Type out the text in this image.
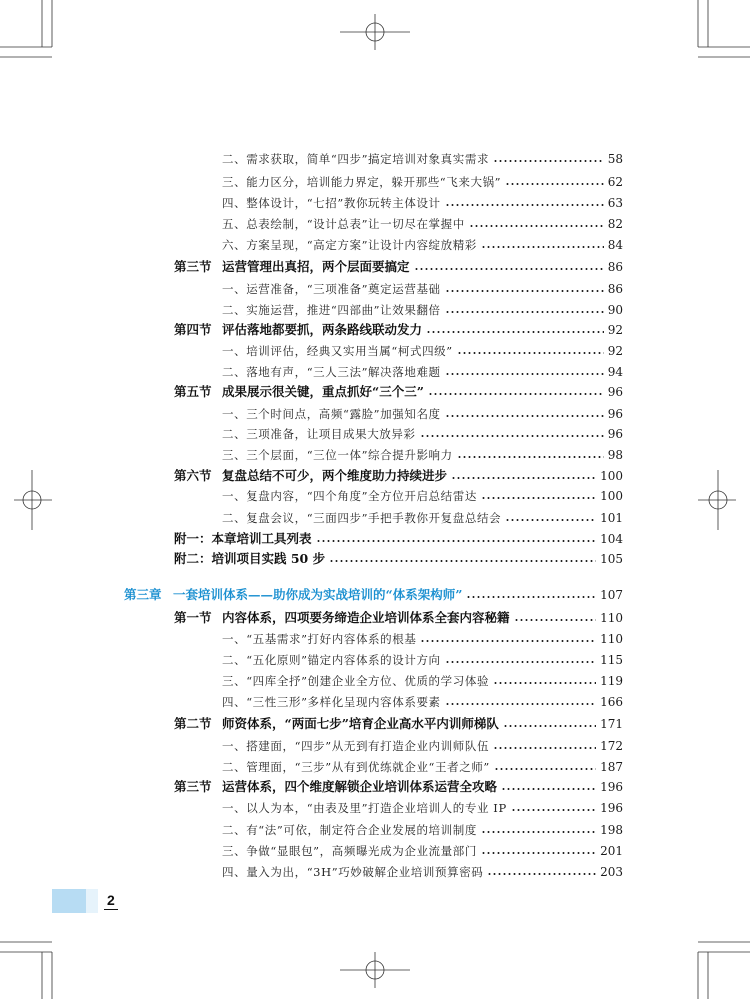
二、需求获取，简单“四步”搞定培训对象真实需求	58
三、能力区分，培训能力界定，躲开那些“飞来大锅”	62
四、整体设计，“七招”教你玩转主体设计	63
五、总表绘制，“设计总表”让一切尽在掌握中	82
六、方案呈现，“高定方案”让设计内容绽放精彩	84
第三节 运营管理出真招，两个层面要搞定	86
一、运营准备，“三项准备”奠定运营基础	86
二、实施运营，推进“四部曲”让效果翻倍	90
第四节 评估落地都要抓，两条路线联动发力	92
一、培训评估，经典又实用当属“柯式四级”	92
二、落地有声，“三人三法”解决落地难题	94
第五节 成果展示很关键，重点抓好“三个三”	96
一、三个时间点，高频“露脸”加强知名度	96
二、三项准备，让项目成果大放异彩	96
三、三个层面，“三位一体”综合提升影响力	98
第六节 复盘总结不可少，两个维度助力持续进步	100
一、复盘内容，“四个角度”全方位开启总结雷达	100
二、复盘会议，“三面四步”手把手教你开复盘总结会	101
附一：本章培训工具列表	104
附二：培训项目实践 50 步	105
第三章 一套培训体系——助你成为实战培训的“体系架构师”	107
第一节 内容体系，四项要务缔造企业培训体系全套内容秘籍	110
一、“五基需求”打好内容体系的根基	110
二、“五化原则”锚定内容体系的设计方向	115
三、“四库全抒”创建企业全方位、优质的学习体验	119
四、“三性三形”多样化呈现内容体系要素	166
第二节 师资体系，“两面七步”培育企业高水平内训师梯队	171
一、搭建面，“四步”从无到有打造企业内训师队伍	172
二、管理面，“三步”从有到优练就企业“王者之师”	187
第三节 运营体系，四个维度解锁企业培训体系运营全攻略	196
一、以人为本，“由表及里”打造企业培训人的专业 IP	196
二、有“法”可依，制定符合企业发展的培训制度	198
三、争做“显眼包”，高频曝光成为企业流量部门	201
四、量入为出，“3H”巧妙破解企业培训预算密码	203
2
